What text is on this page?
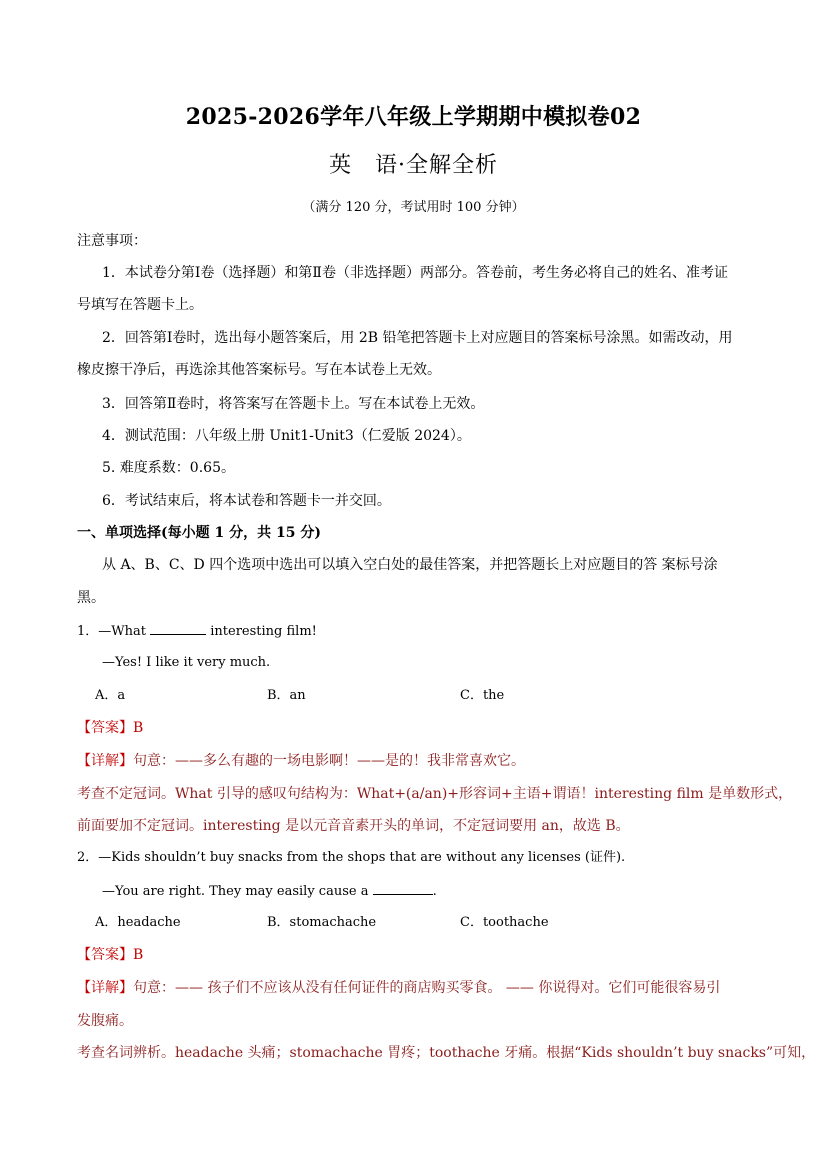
2025-2026学年八年级上学期期中模拟卷02
英　语·全解全析
（满分 120 分，考试用时 100 分钟）
注意事项：
1．本试卷分第Ⅰ卷（选择题）和第Ⅱ卷（非选择题）两部分。答卷前，考生务必将自己的姓名、准考证
号填写在答题卡上。
2．回答第Ⅰ卷时，选出每小题答案后，用 2B 铅笔把答题卡上对应题目的答案标号涂黑。如需改动，用
橡皮擦干净后，再选涂其他答案标号。写在本试卷上无效。
3．回答第Ⅱ卷时，将答案写在答题卡上。写在本试卷上无效。
4．测试范围：八年级上册 Unit1-Unit3（仁爱版 2024）。
5. 难度系数：0.65。
6．考试结束后，将本试卷和答题卡一并交回。
一、单项选择(每小题 1 分，共 15 分)
从 A、B、C、D 四个选项中选出可以填入空白处的最佳答案，并把答题长上对应题目的答 案标号涂
黑。
1．—What	interesting film!
—Yes! I like it very much.
A．a	B．an	C．the
【答案】B
【详解】句意：——多么有趣的一场电影啊！——是的！我非常喜欢它。
考查不定冠词。What 引导的感叹句结构为：What+(a/an)+形容词+主语+谓语！interesting film 是单数形式，
前面要加不定冠词。interesting 是以元音音素开头的单词，不定冠词要用 an，故选 B。
2．—Kids shouldn’t buy snacks from the shops that are without any licenses (证件).
—You are right. They may easily cause a	.
A．headache	B．stomachache	C．toothache
【答案】B
【详解】句意：—— 孩子们不应该从没有任何证件的商店购买零食。 —— 你说得对。它们可能很容易引
发腹痛。
考查名词辨析。headache 头痛；stomachache 胃疼；toothache 牙痛。根据“Kids shouldn’t buy snacks”可知，
